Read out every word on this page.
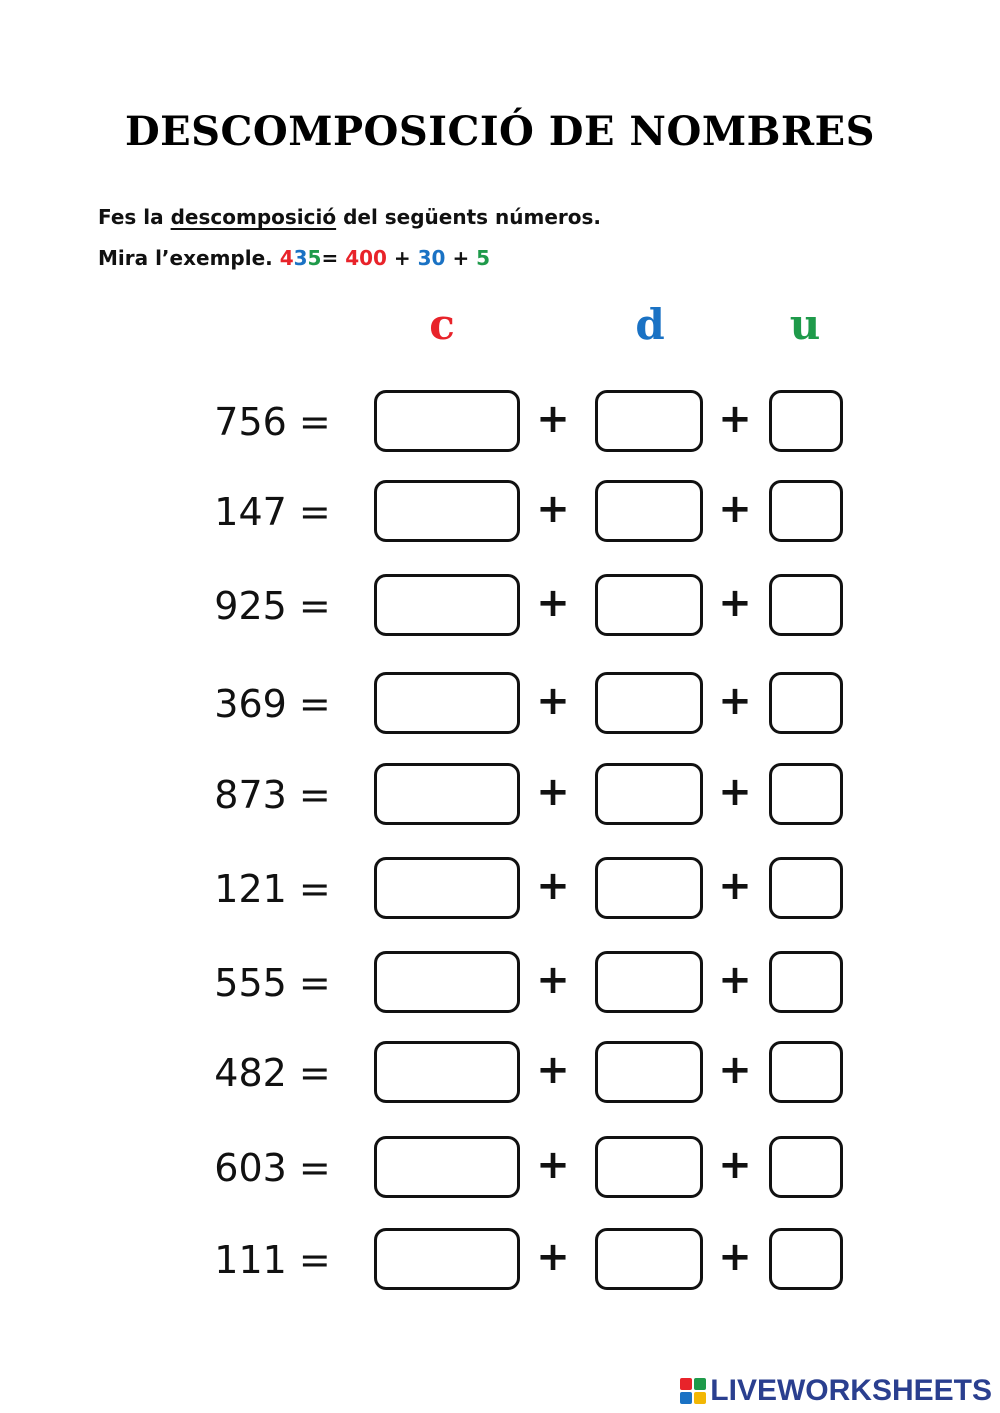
DESCOMPOSICIÓ DE NOMBRES
Fes la descomposició del següents números.
Mira l’exemple. 435= 400 + 30 + 5
c	d	u
756 =	+	+
147 =	+	+
925 =	+	+
369 =	+	+
873 =	+	+
121 =	+	+
555 =	+	+
482 =	+	+
603 =	+	+
111 =	+	+
LIVEWORKSHEETS
